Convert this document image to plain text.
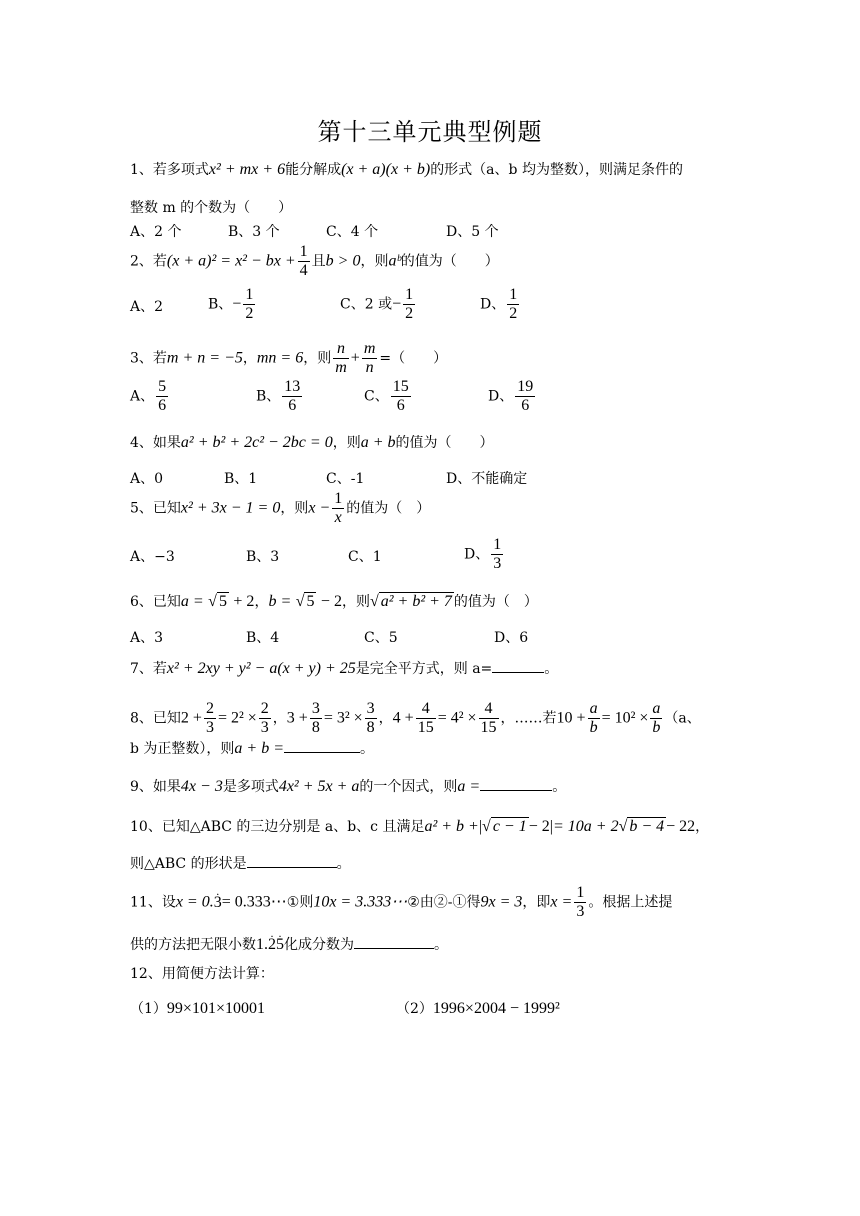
第十三单元典型例题
1、若多项式x² + mx + 6能分解成(x + a)(x + b)的形式（a、b 均为整数），则满足条件的
整数 m 的个数为（　　）
A、2 个	B、3 个	C、4 个	D、5 个
2、若(x + a)² = x² − bx + $\frac{1}{4}$ 且b > 0，则aᵇ的值为（　　）
A、2	B、− $\frac{1}{2}$	C、2 或− $\frac{1}{2}$	D、 $\frac{1}{2}$
3、若m + n = −5，mn = 6，则 $\frac{n}{m} + \frac{m}{n}$ =（　　）
A、 $\frac{5}{6}$	B、 $\frac{13}{6}$	C、 $\frac{15}{6}$	D、 $\frac{19}{6}$
4、如果a² + b² + 2c² − 2bc = 0，则a + b的值为（　　）
A、0	B、1	C、-1	D、不能确定
5、已知x² + 3x − 1 = 0，则$x - \frac{1}{x}$ 的值为（　）
A、−3	B、3	C、1	D、 $\frac{1}{3}$
6、已知a = √ 5 + 2，b = √ 5 − 2，则√ a² + b² + 7 的值为（　）
A、3	B、4	C、5	D、6
7、若x² + 2xy + y² − a(x + y) + 25是完全平方式，则 a=	。
8、已知$2 + \frac{2}{3} = 2^2 \times \frac{2}{3}$ ，$3 + \frac{3}{8} = 3^2 \times \frac{3}{8}$ ，$4 + \frac{4}{15} = 4^2 \times \frac{4}{15}$ ，……若$10 + \frac{a}{b} = 10^2 \times \frac{a}{b} (a$、
b 为正整数），则a + b =	。
9、如果4x − 3是多项式4x² + 5x + a的一个因式，则a =	。
10、已知△ABC 的三边分别是 a、b、c 且满足a² + b +|√ c − 1 − 2|= 10a + 2√ b − 4 − 22，
则△ABC 的形状是	。
11、设x = 0.· 3= 0.333⋯①则10x = 3.333⋯②由②-①得9x = 3，即$x = \frac{1}{3}$ 。根据上述提
供的方法把无限小数1.· 2· 5化成分数为	。
12、用简便方法计算：
（1）99×101×10001	（2）1996×2004 − 1999²
